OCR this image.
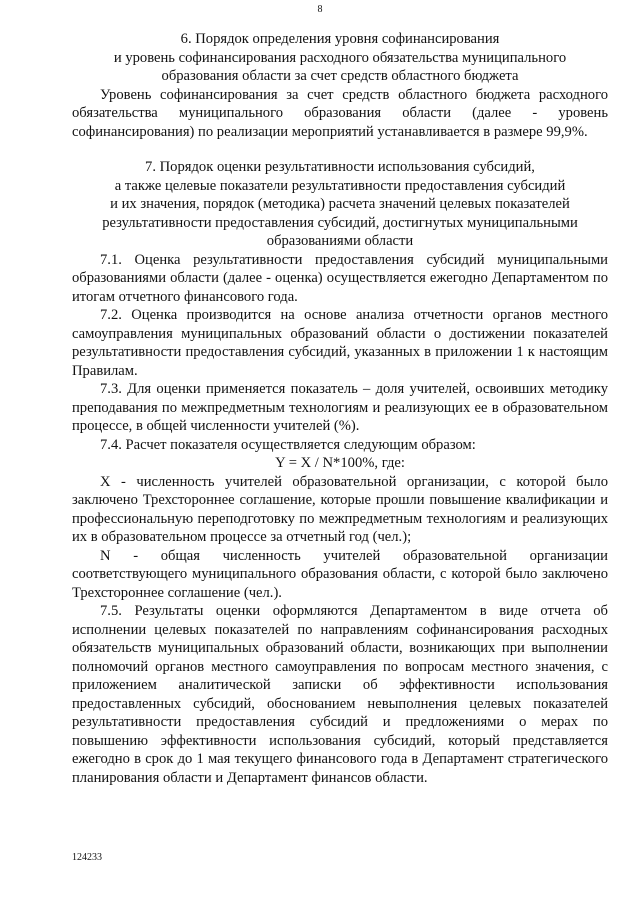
8

6. Порядок определения уровня софинансирования

и уровень софинансирования расходного обязательства муниципального

образования области за счет средств областного бюджета

Уровень софинансирования за счет средств областного бюджета расходного обязательства муниципального образования области (далее - уровень софинансирования) по реализации мероприятий устанавливается в размере 99,9%.

7. Порядок оценки результативности использования субсидий,

а также целевые показатели результативности предоставления субсидий

и их значения, порядок (методика) расчета значений целевых показателей

результативности предоставления субсидий, достигнутых муниципальными

образованиями области

7.1. Оценка результативности предоставления субсидий муниципальными образованиями области (далее - оценка) осуществляется ежегодно Департаментом по итогам отчетного финансового года.

7.2. Оценка производится на основе анализа отчетности органов местного самоуправления муниципальных образований области о достижении показателей результативности предоставления субсидий, указанных в приложении 1 к настоящим Правилам.

7.3. Для оценки применяется показатель – доля учителей, освоивших методику преподавания по межпредметным технологиям и реализующих ее в образовательном процессе, в общей численности учителей (%).

7.4. Расчет показателя осуществляется следующим образом:

Y = X / N*100%, где:

X - численность учителей образовательной организации, с которой было заключено Трехстороннее соглашение, которые прошли повышение квалификации и профессиональную переподготовку по межпредметным технологиям и реализующих их в образовательном процессе за отчетный год (чел.);

N - общая численность учителей образовательной организации соответствующего муниципального образования области, с которой было заключено Трехстороннее соглашение (чел.).

7.5. Результаты оценки оформляются Департаментом в виде отчета об исполнении целевых показателей по направлениям софинансирования расходных обязательств муниципальных образований области, возникающих при выполнении полномочий органов местного самоуправления по вопросам местного значения, с приложением аналитической записки об эффективности использования предоставленных субсидий, обоснованием невыполнения целевых показателей результативности предоставления субсидий и предложениями о мерах по повышению эффективности использования субсидий, который представляется ежегодно в срок до 1 мая текущего финансового года в Департамент стратегического планирования области и Департамент финансов области.

124233
